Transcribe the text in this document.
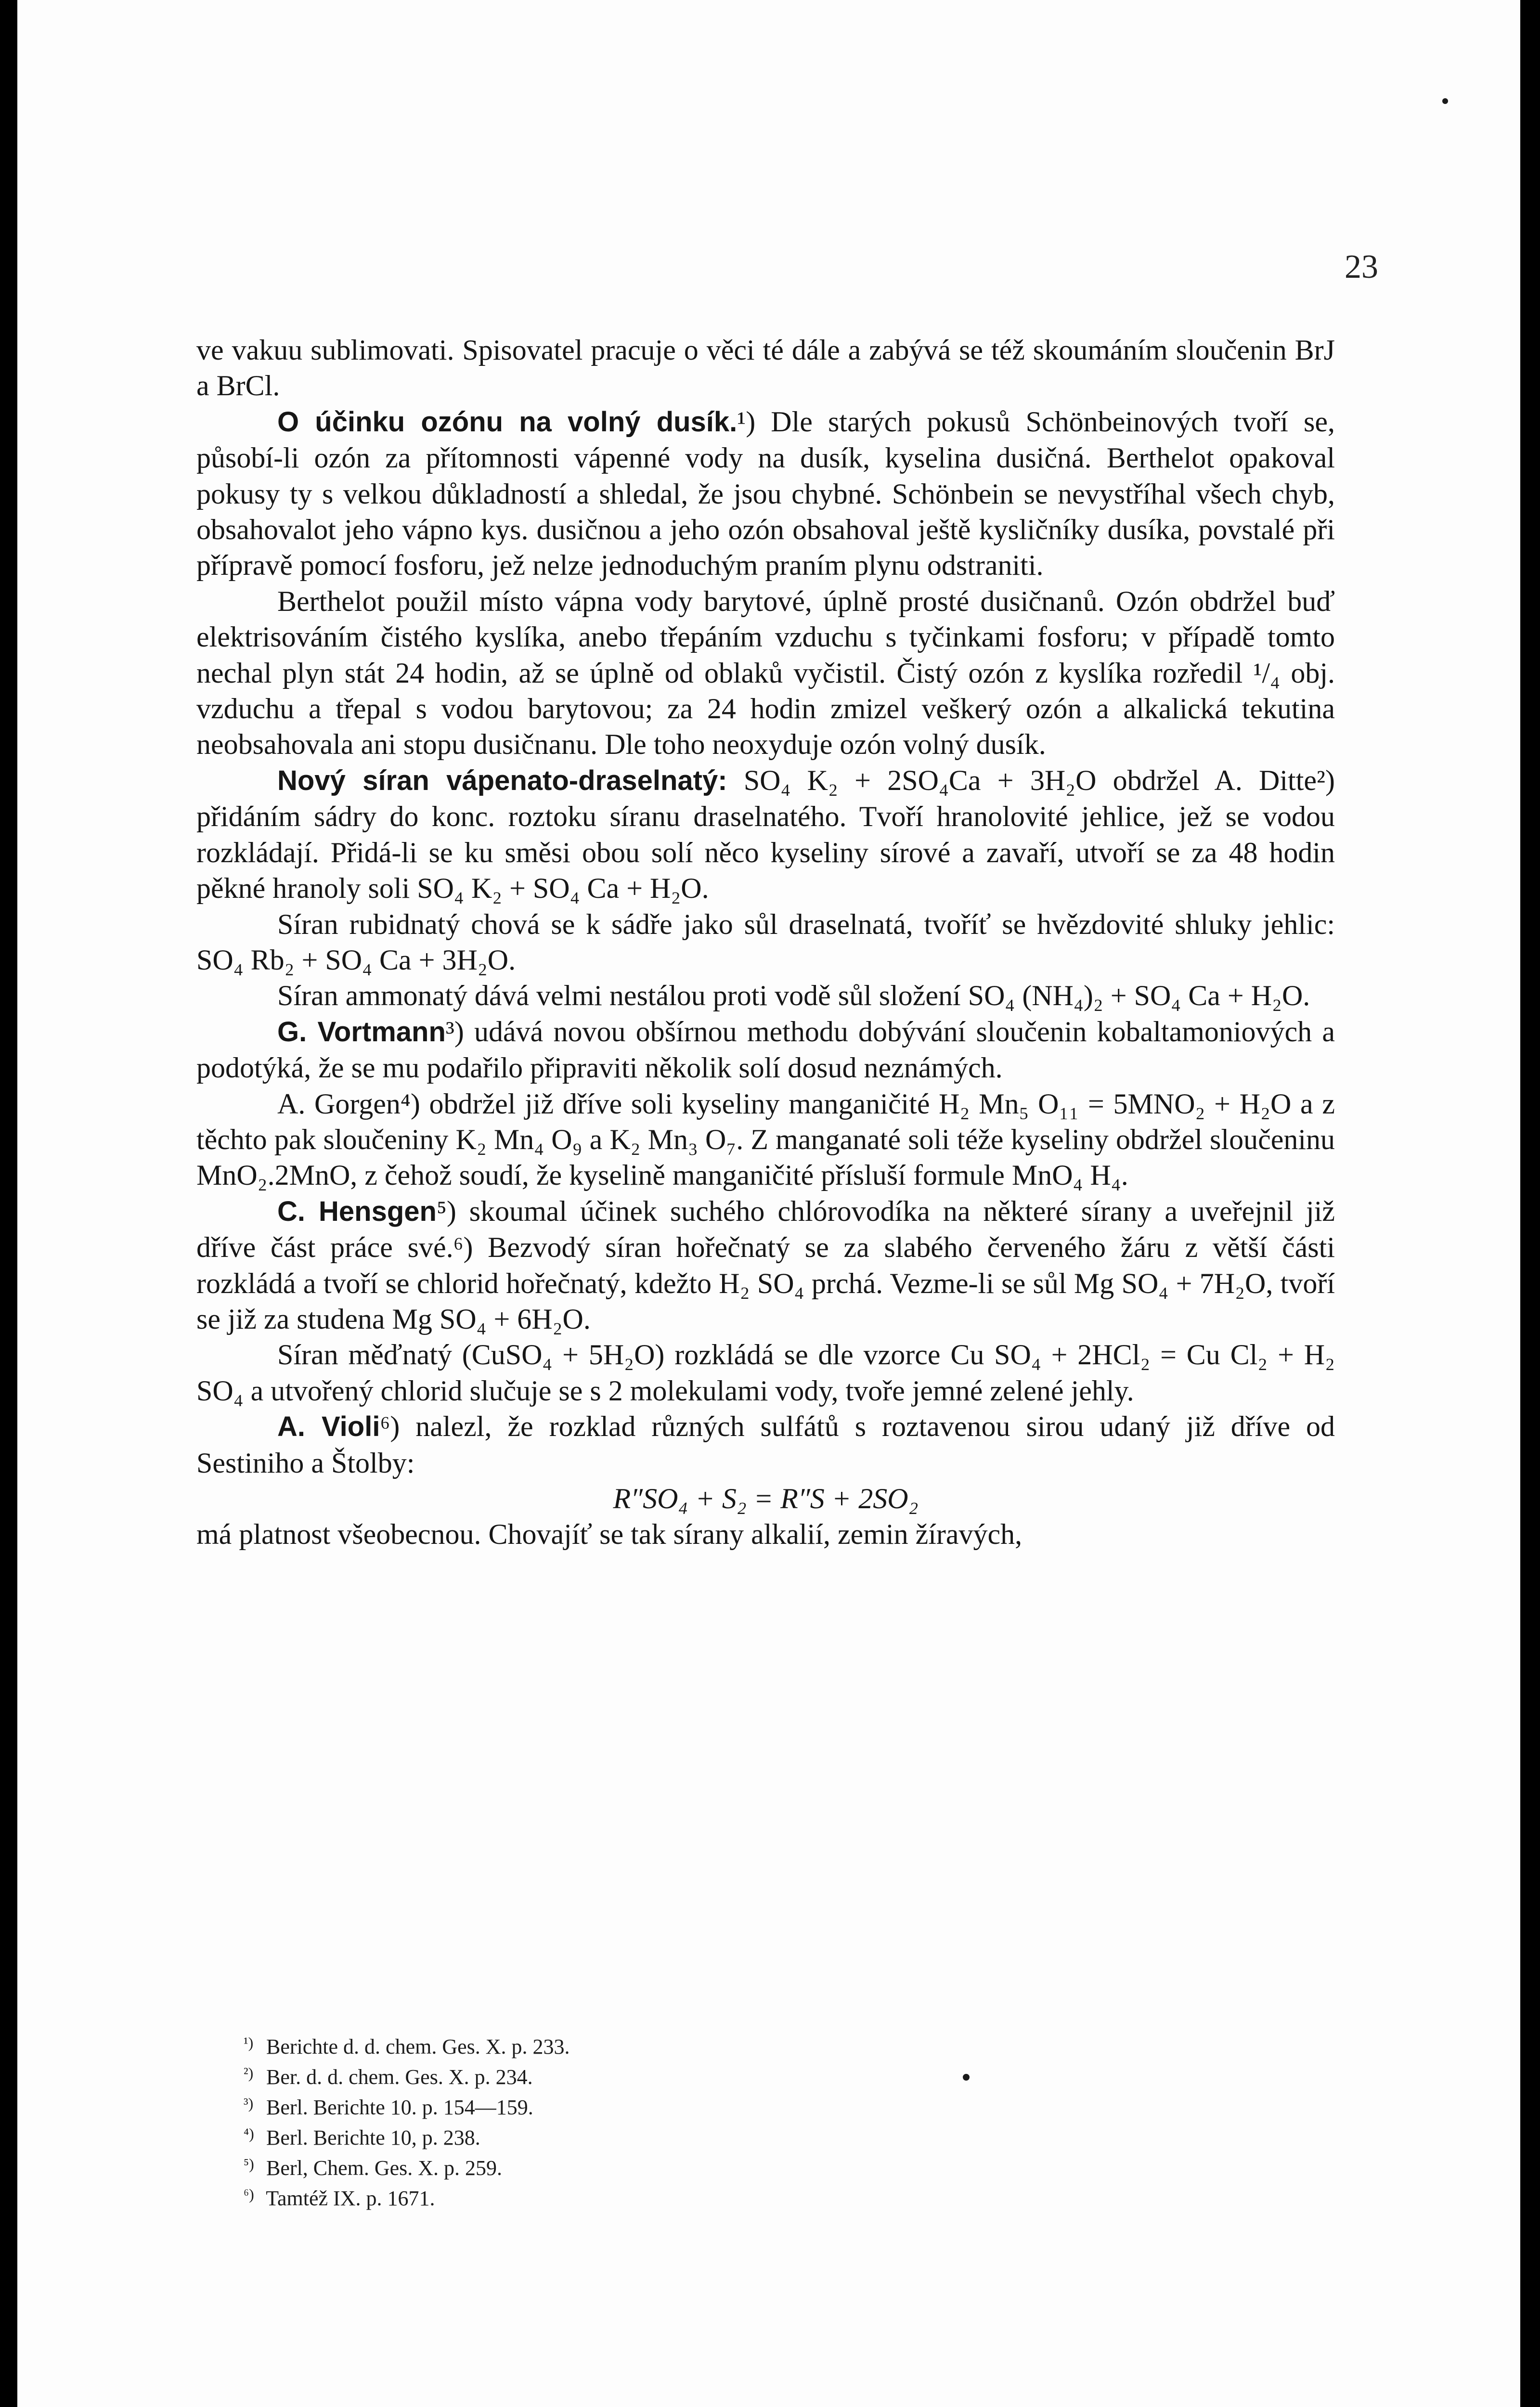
23

ve vakuu sublimovati. Spisovatel pracuje o věci té dále a zabývá se též skoumáním sloučenin BrJ a BrCl.

O účinku ozónu na volný dusík.¹) Dle starých pokusů Schönbeinových tvoří se, působí-li ozón za přítomnosti vápenné vody na dusík, kyselina dusičná. Berthelot opakoval pokusy ty s velkou důkladností a shledal, že jsou chybné. Schönbein se nevystříhal všech chyb, obsahovalot jeho vápno kys. dusičnou a jeho ozón obsahoval ještě kysličníky dusíka, povstalé při přípravě pomocí fosforu, jež nelze jednoduchým praním plynu odstraniti.

Berthelot použil místo vápna vody barytové, úplně prosté dusičnanů. Ozón obdržel buď elektrisováním čistého kyslíka, anebo třepáním vzduchu s tyčinkami fosforu; v případě tomto nechal plyn stát 24 hodin, až se úplně od oblaků vyčistil. Čistý ozón z kyslíka rozředil ¹/₄ obj. vzduchu a třepal s vodou barytovou; za 24 hodin zmizel veškerý ozón a alkalická tekutina neobsahovala ani stopu dusičnanu. Dle toho neoxyduje ozón volný dusík.

Nový síran vápenato-draselnatý: SO₄ K₂ + 2SO₄Ca + 3H₂O obdržel A. Ditte²) přidáním sádry do konc. roztoku síranu draselnatého. Tvoří hranolovité jehlice, jež se vodou rozkládají. Přidá-li se ku směsi obou solí něco kyseliny sírové a zavaří, utvoří se za 48 hodin pěkné hranoly soli SO₄ K₂ + SO₄ Ca + H₂O.

Síran rubidnatý chová se k sádře jako sůl draselnatá, tvoříť se hvězdovité shluky jehlic: SO₄ Rb₂ + SO₄ Ca + 3H₂O.

Síran ammonatý dává velmi nestálou proti vodě sůl složení SO₄ (NH₄)₂ + SO₄ Ca + H₂O.

G. Vortmann³) udává novou obšírnou methodu dobývání sloučenin kobaltamoniových a podotýká, že se mu podařilo připraviti několik solí dosud neznámých.

A. Gorgen⁴) obdržel již dříve soli kyseliny manganičité H₂ Mn₅ O₁₁ = 5MNO₂ + H₂O a z těchto pak sloučeniny K₂ Mn₄ O₉ a K₂ Mn₃ O₇. Z manganaté soli téže kyseliny obdržel sloučeninu MnO₂.2MnO, z čehož soudí, že kyselině manganičité přísluší formule MnO₄ H₄.

C. Hensgen⁵) skoumal účinek suchého chlórovodíka na některé sírany a uveřejnil již dříve část práce své.⁶) Bezvodý síran hořečnatý se za slabého červeného žáru z větší části rozkládá a tvoří se chlorid hořečnatý, kdežto H₂ SO₄ prchá. Vezme-li se sůl Mg SO₄ + 7H₂O, tvoří se již za studena Mg SO₄ + 6H₂O.

Síran měďnatý (CuSO₄ + 5H₂O) rozkládá se dle vzorce Cu SO₄ + 2HCl₂ = Cu Cl₂ + H₂ SO₄ a utvořený chlorid slučuje se s 2 molekulami vody, tvoře jemné zelené jehly.

A. Violi⁶) nalezl, že rozklad různých sulfátů s roztavenou sirou udaný již dříve od Sestiniho a Štolby:

R″SO₄ + S₂ = R″S + 2SO₂

má platnost všeobecnou. Chovajíť se tak sírany alkalií, zemin žíravých,

¹) Berichte d. d. chem. Ges. X. p. 233.
²) Ber. d. d. chem. Ges. X. p. 234.
³) Berl. Berichte 10. p. 154—159.
⁴) Berl. Berichte 10, p. 238.
⁵) Berl, Chem. Ges. X. p. 259.
⁶) Tamtéž IX. p. 1671.
